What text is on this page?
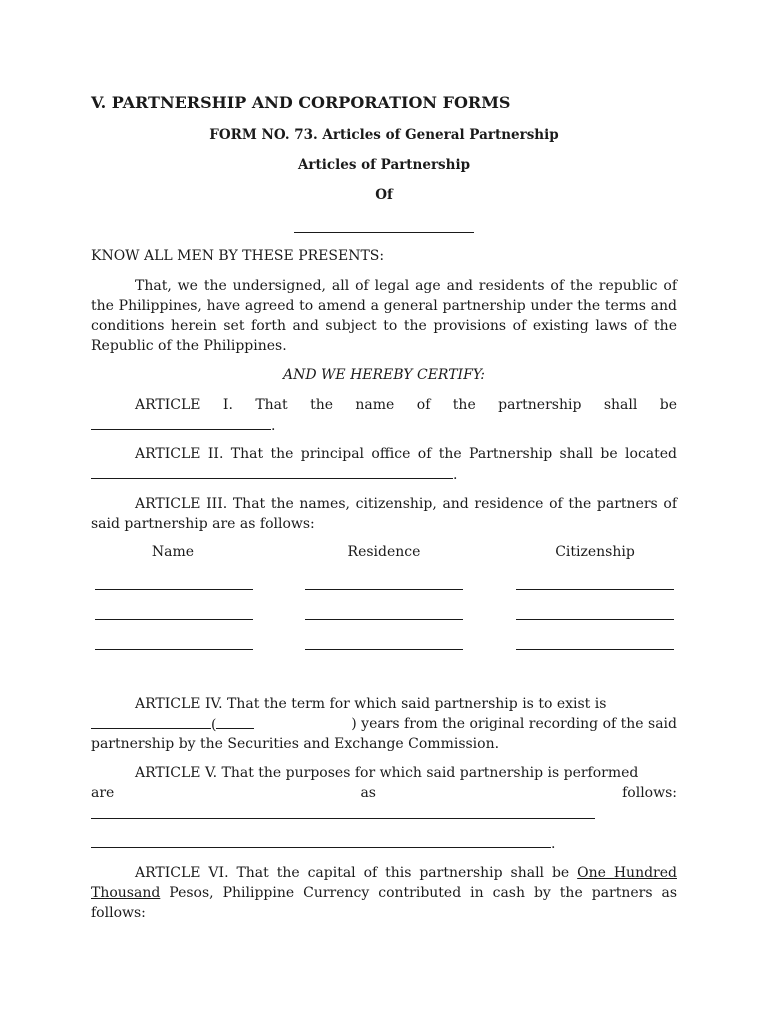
V. PARTNERSHIP AND CORPORATION FORMS

FORM NO. 73. Articles of General Partnership

Articles of Partnership

Of

KNOW ALL MEN BY THESE PRESENTS:

That, we the undersigned, all of legal age and residents of the republic of the Philippines, have agreed to amend a general partnership under the terms and conditions herein set forth and subject to the provisions of existing laws of the Republic of the Philippines.

AND WE HEREBY CERTIFY:

ARTICLE I. That the name of the partnership shall be

.

ARTICLE II. That the principal office of the Partnership shall be located

.

ARTICLE III. That the names, citizenship, and residence of the partners of said partnership are as follows:

Name	Residence	Citizenship

ARTICLE IV. That the term for which said partnership is to exist is

(	) years from the original recording of the said

partnership by the Securities and Exchange Commission.

ARTICLE V. That the purposes for which said partnership is performed

are	as	follows:
.

ARTICLE VI. That the capital of this partnership shall be One Hundred Thousand Pesos, Philippine Currency contributed in cash by the partners as follows:
